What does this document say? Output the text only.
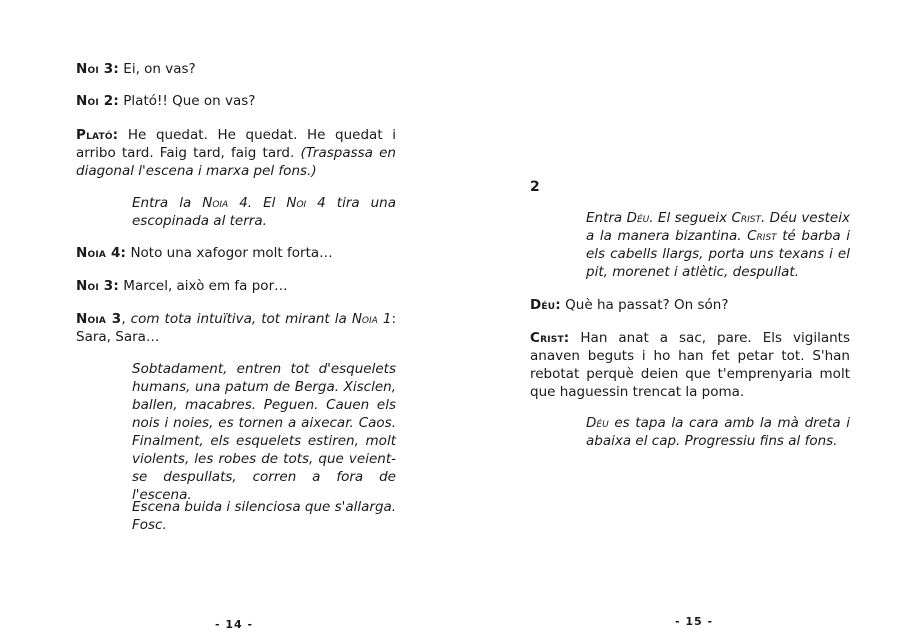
Noi 3: Ei, on vas?

Noi 2: Plató!! Que on vas?

Plató: He quedat. He quedat. He quedat i arribo tard. Faig tard, faig tard. (Traspassa en diagonal l'escena i marxa pel fons.)

Entra la Noia 4. El Noi 4 tira una escopinada al terra.

Noia 4: Noto una xafogor molt forta…

Noi 3: Marcel, això em fa por…

Noia 3, com tota intuïtiva, tot mirant la Noia 1: Sara, Sara…

Sobtadament, entren tot d'esquelets humans, una patum de Berga. Xisclen, ballen, macabres. Peguen. Cauen els nois i noies, es tornen a aixecar. Caos. Finalment, els esquelets estiren, molt violents, les robes de tots, que veient-se despullats, corren a fora de l'escena.

Escena buida i silenciosa que s'allarga. Fosc.

- 14 -
2

Entra Déu. El segueix Crist. Déu vesteix a la manera bizantina. Crist té barba i els cabells llargs, porta uns texans i el pit, morenet i atlètic, despullat.

Déu: Què ha passat? On són?

Crist: Han anat a sac, pare. Els vigilants anaven beguts i ho han fet petar tot. S'han rebotat perquè deien que t'emprenyaria molt que haguessin trencat la poma.

Déu es tapa la cara amb la mà dreta i abaixa el cap. Progressiu fins al fons.

- 15 -
